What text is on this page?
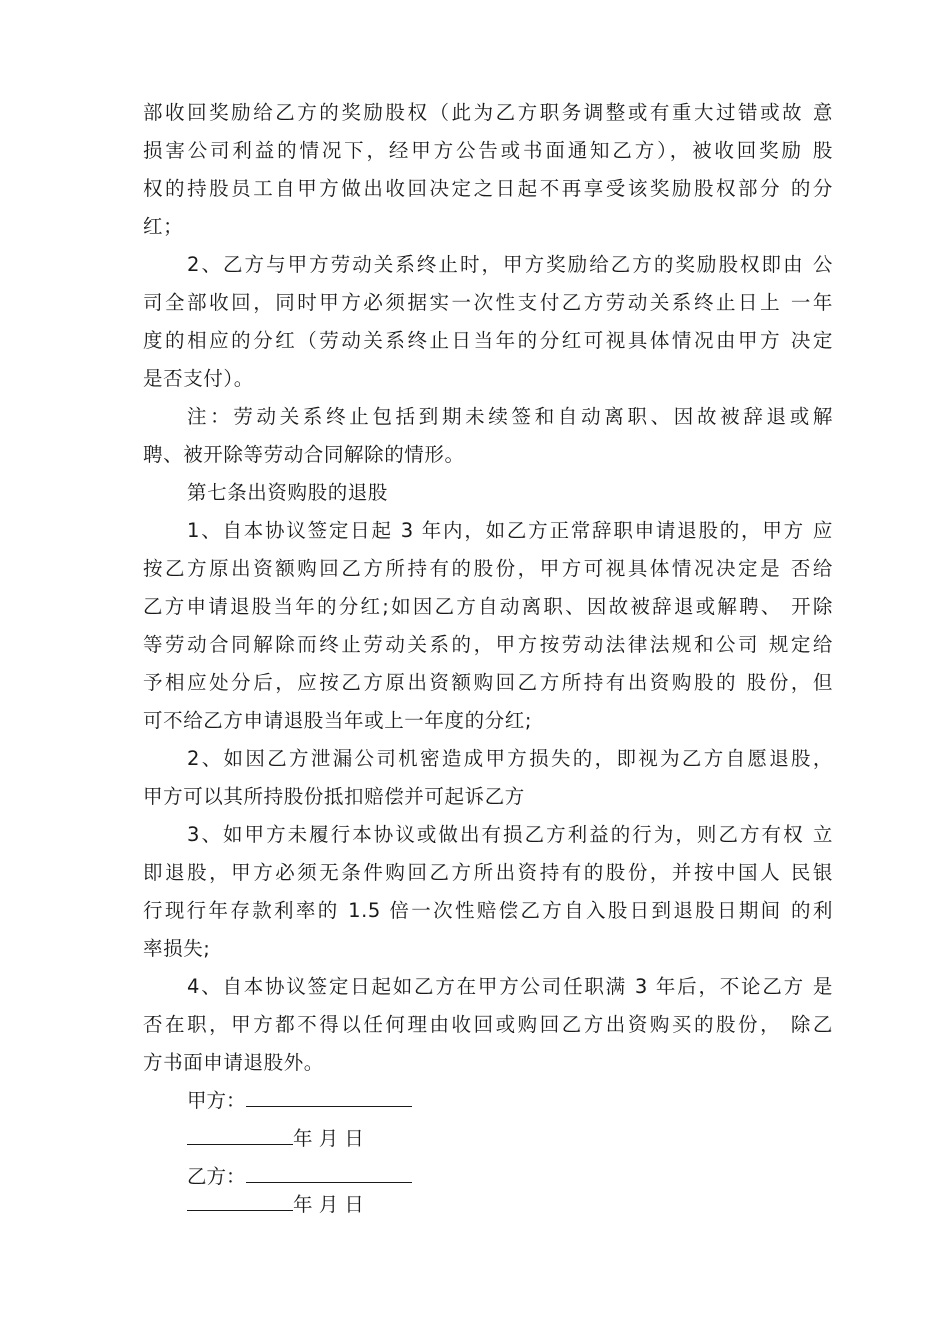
部收回奖励给乙方的奖励股权（此为乙方职务调整或有重大过错或故 意
损害公司利益的情况下，经甲方公告或书面通知乙方），被收回奖励 股
权的持股员工自甲方做出收回决定之日起不再享受该奖励股权部分 的分
红；
2、乙方与甲方劳动关系终止时，甲方奖励给乙方的奖励股权即由 公
司全部收回，同时甲方必须据实一次性支付乙方劳动关系终止日上 一年
度的相应的分红（劳动关系终止日当年的分红可视具体情况由甲方 决定
是否支付）。
注：劳动关系终止包括到期未续签和自动离职、因故被辞退或解
聘、被开除等劳动合同解除的情形。
第七条出资购股的退股
1、自本协议签定日起 3 年内，如乙方正常辞职申请退股的，甲方 应
按乙方原出资额购回乙方所持有的股份，甲方可视具体情况决定是 否给
乙方申请退股当年的分红;如因乙方自动离职、因故被辞退或解聘、 开除
等劳动合同解除而终止劳动关系的，甲方按劳动法律法规和公司 规定给
予相应处分后，应按乙方原出资额购回乙方所持有出资购股的 股份，但
可不给乙方申请退股当年或上一年度的分红;
2、如因乙方泄漏公司机密造成甲方损失的，即视为乙方自愿退股，
甲方可以其所持股份抵扣赔偿并可起诉乙方
3、如甲方未履行本协议或做出有损乙方利益的行为，则乙方有权 立
即退股，甲方必须无条件购回乙方所出资持有的股份，并按中国人 民银
行现行年存款利率的 1.5 倍一次性赔偿乙方自入股日到退股日期间 的利
率损失;
4、自本协议签定日起如乙方在甲方公司任职满 3 年后，不论乙方 是
否在职，甲方都不得以任何理由收回或购回乙方出资购买的股份， 除乙
方书面申请退股外。
甲方：
年 月 日
乙方：
年 月 日
